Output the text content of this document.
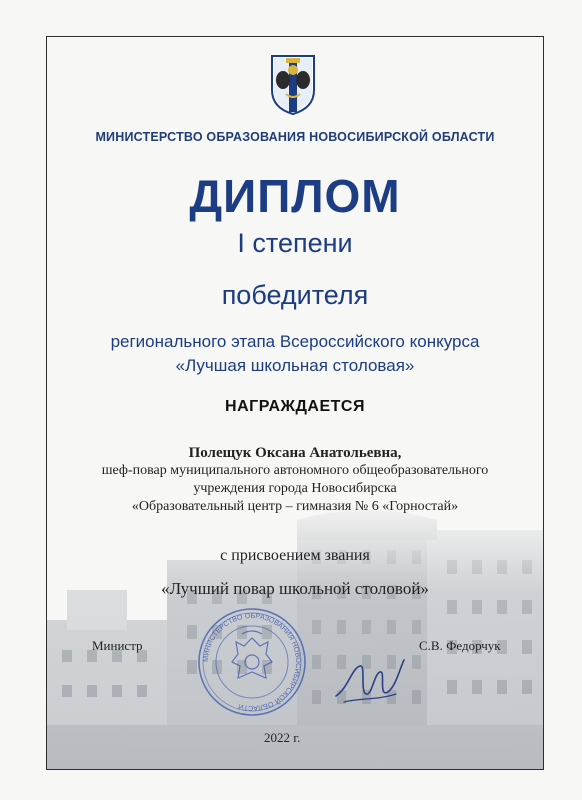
МИНИСТЕРСТВО ОБРАЗОВАНИЯ НОВОСИБИРСКОЙ ОБЛАСТИ

ДИПЛОМ

I степени

победителя

регионального этапа Всероссийского конкурса

«Лучшая школьная столовая»

НАГРАЖДАЕТСЯ

Полещук Оксана Анатольевна,

шеф-повар муниципального автономного общеобразовательного

учреждения города Новосибирска

«Образовательный центр – гимназия № 6 «Горностай»

с присвоением звания

«Лучший повар школьной столовой»

Министр	С.В. Федорчук
МИНИСТЕРСТВО ОБРАЗОВАНИЯ НОВОСИБИРСКОЙ ОБЛАСТИ
2022 г.
